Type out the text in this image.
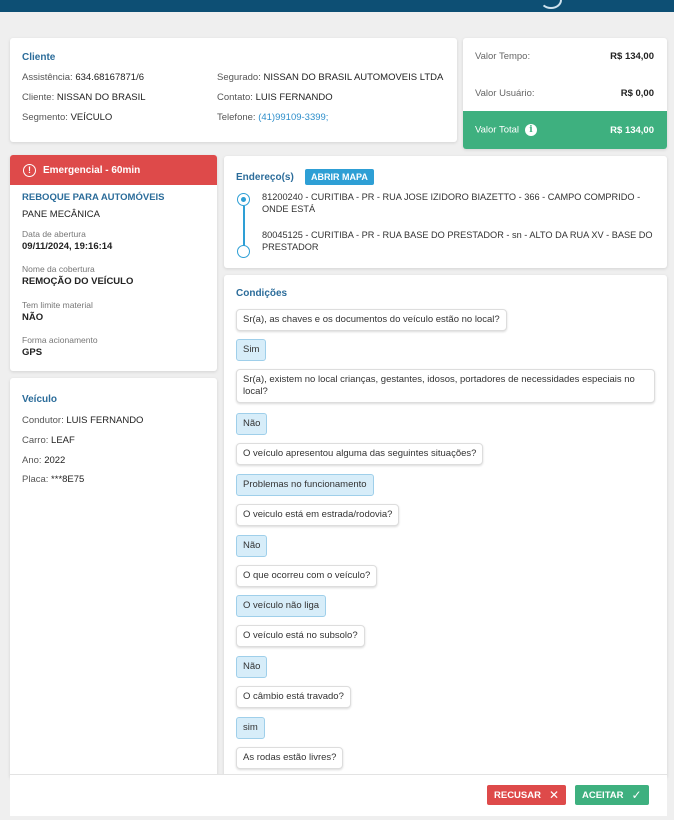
Cliente
Assistência: 634.68167871/6
Cliente: NISSAN DO BRASIL
Segmento: VEÍCULO
Segurado: NISSAN DO BRASIL AUTOMOVEIS LTDA
Contato: LUIS FERNANDO
Telefone: (41)99109-3399;
Valor Tempo:	R$ 134,00
Valor Usuário:	R$ 0,00
Valor Total i	R$ 134,00
!	Emergencial - 60min
REBOQUE PARA AUTOMÓVEIS
PANE MECÂNICA
Data de abertura
09/11/2024, 19:16:14
Nome da cobertura
REMOÇÃO DO VEÍCULO
Tem limite material
NÃO
Forma acionamento
GPS
Veículo
Condutor: LUIS FERNANDO
Carro: LEAF
Ano: 2022
Placa: ***8E75
Endereço(s)	ABRIR MAPA
81200240 - CURITIBA - PR - RUA JOSE IZIDORO BIAZETTO - 366 - CAMPO COMPRIDO - ONDE ESTÁ
80045125 - CURITIBA - PR - RUA BASE DO PRESTADOR - sn - ALTO DA RUA XV - BASE DO PRESTADOR
Condições
Sr(a), as chaves e os documentos do veículo estão no local?
Sim
Sr(a), existem no local crianças, gestantes, idosos, portadores de necessidades especiais no local?
Não
O veículo apresentou alguma das seguintes situações?
Problemas no funcionamento
O veiculo está em estrada/rodovia?
Não
O que ocorreu com o veículo?
O veículo não liga
O veículo está no subsolo?
Não
O câmbio está travado?
sim
As rodas estão livres?
RECUSAR ✕ ACEITAR ✓
